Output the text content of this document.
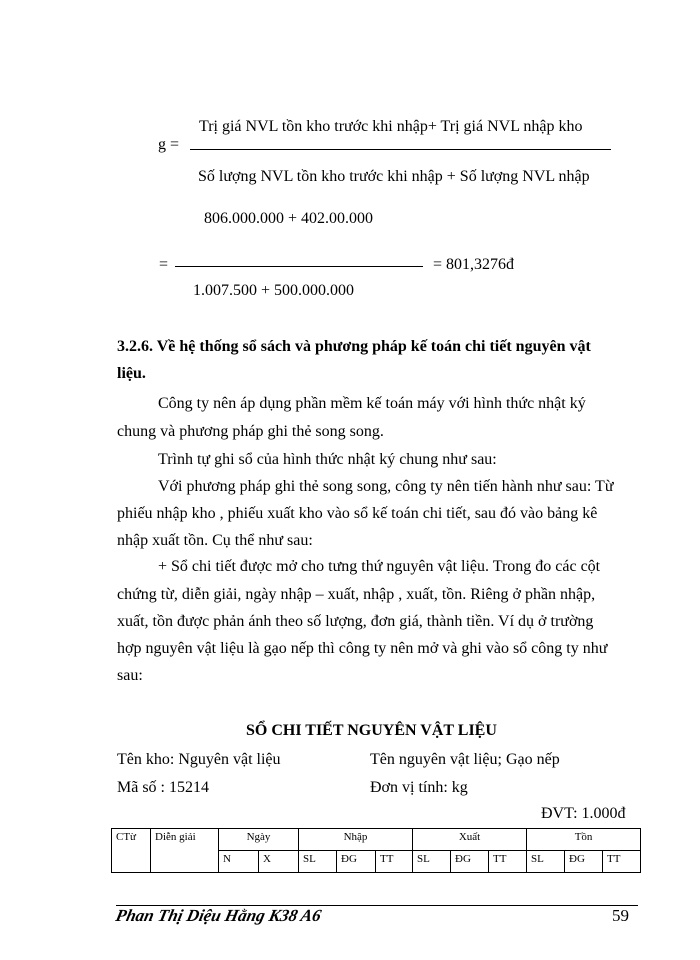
g =
Trị giá NVL tồn kho trước khi nhập+ Trị giá NVL nhập kho
Số lượng NVL tồn kho trước khi nhập + Số lượng NVL nhập
806.000.000 + 402.00.000
=	= 801,3276đ
1.007.500 + 500.000.000
3.2.6. Về hệ thống sổ sách và phương pháp kế toán chi tiết nguyên vật
liệu.
Công ty nên áp dụng phần mềm kế toán máy với hình thức nhật ký
chung và phương pháp ghi thẻ song song.
Trình tự ghi sổ của hình thức nhật ký chung như sau:
Với phương pháp ghi thẻ song song, công ty nên tiến hành như sau: Từ
phiếu nhập kho , phiếu xuất kho vào sổ kế toán chi tiết, sau đó vào bảng kê
nhập xuất tồn. Cụ thể như sau:
+ Sổ chi tiết được mở cho tưng thứ nguyên vật liệu. Trong đo các cột
chứng từ, diễn giải, ngày nhập – xuất, nhập , xuất, tồn. Riêng ở phần nhập,
xuất, tồn được phản ánh theo số lượng, đơn giá, thành tiền. Ví dụ ở trường
hợp nguyên vật liệu là gạo nếp thì công ty nên mở và ghi vào sổ công ty như
sau:
SỔ CHI TIẾT NGUYÊN VẬT LIỆU
Tên kho: Nguyên vật liệu	Tên nguyên vật liệu; Gạo nếp
Mã số : 15214	Đơn vị tính: kg
ĐVT: 1.000đ
CTừ	Diễn giải	Ngày		Nhập			Xuất			Tồn		
		N	X	SL	ĐG	TT	SL	ĐG	TT	SL	ĐG	TT
Phan Thị Diệu Hằng K38 A6	59
